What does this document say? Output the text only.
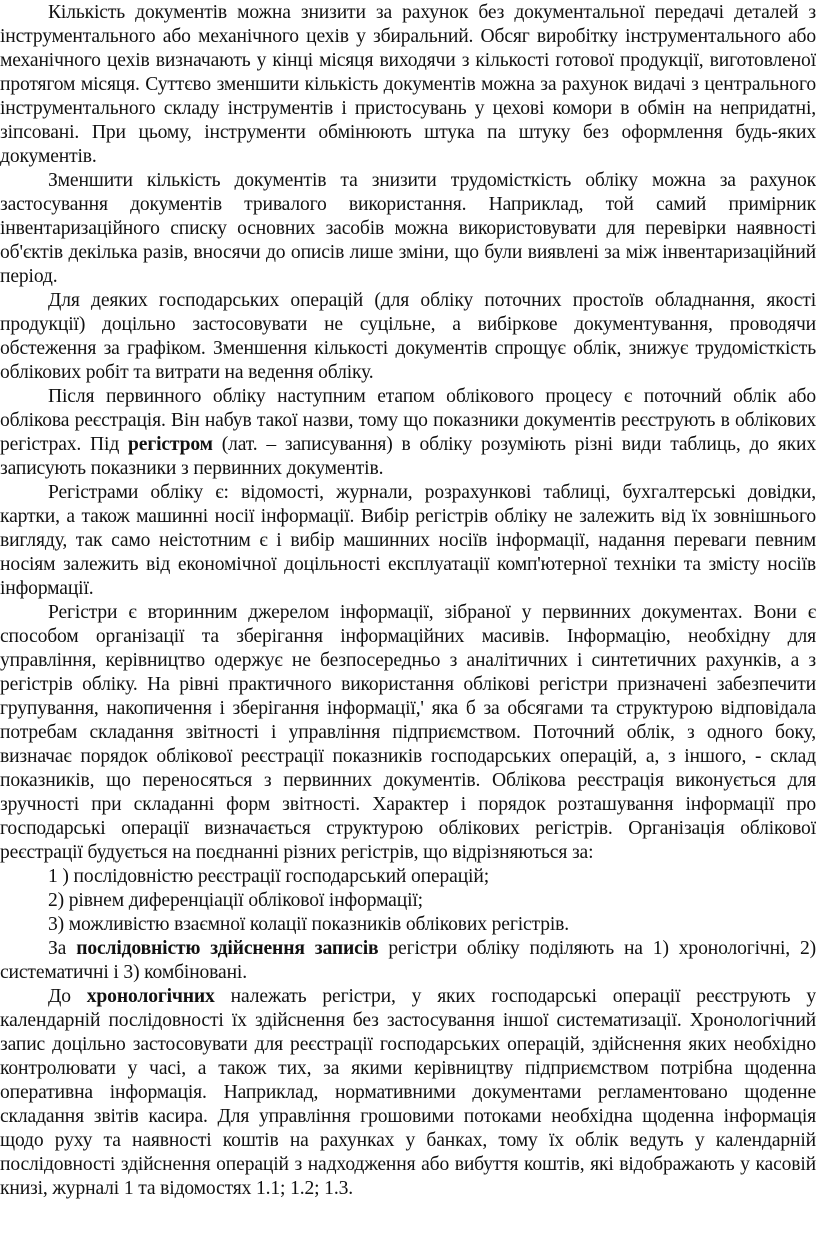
Кількість документів можна знизити за рахунок без документальної передачі деталей з інструментального або механічного цехів у збиральний. Обсяг виробітку інструментального або механічного цехів визначають у кінці місяця виходячи з кількості готової продукції, виготовленої протягом місяця. Суттєво зменшити кількість документів можна за рахунок видачі з центрального інструментального складу інструментів і пристосувань у цехові комори в обмін на непридатні, зіпсовані. При цьому, інструменти обмінюють штука па штуку без оформлення будь-яких документів.

Зменшити кількість документів та знизити трудомісткість обліку можна за рахунок застосування документів тривалого використання. Наприклад, той самий примірник інвентаризаційного списку основних засобів можна використовувати для перевірки наявності об'єктів декілька разів, вносячи до описів лише зміни, що були виявлені за між інвентаризаційний період.

Для деяких господарських операцій (для обліку поточних простоїв обладнання, якості продукції) доцільно застосовувати не суцільне, а вибіркове документування, проводячи обстеження за графіком. Зменшення кількості документів спрощує облік, знижує трудомісткість облікових робіт та витрати на ведення обліку.

Після первинного обліку наступним етапом облікового процесу є поточний облік або облікова реєстрація. Він набув такої назви, тому що показники документів реєструють в облікових регістрах. Під регістром (лат. – записування) в обліку розуміють різні види таблиць, до яких записують показники з первинних документів.

Регістрами обліку є: відомості, журнали, розрахункові таблиці, бухгалтерські довідки, картки, а також машинні носії інформації. Вибір регістрів обліку не залежить від їх зовнішнього вигляду, так само неістотним є і вибір машинних носіїв інформації, надання переваги певним носіям залежить від економічної доцільності експлуатації комп'ютерної техніки та змісту носіїв інформації.

Регістри є вторинним джерелом інформації, зібраної у первинних документах. Вони є способом організації та зберігання інформаційних масивів. Інформацію, необхідну для управління, керівництво одержує не безпосередньо з аналітичних і синтетичних рахунків, а з регістрів обліку. На рівні практичного використання облікові регістри призначені забезпечити групування, накопичення і зберігання інформації,' яка б за обсягами та структурою відповідала потребам складання звітності і управління підприємством. Поточний облік, з одного боку, визначає порядок облікової реєстрації показників господарських операцій, а, з іншого, - склад показників, що переносяться з первинних документів. Облікова реєстрація виконується для зручності при складанні форм звітності. Характер і порядок розташування інформації про господарські операції визначається структурою облікових регістрів. Організація облікової реєстрації будується на поєднанні різних регістрів, що відрізняються за:

1 ) послідовністю реєстрації господарський операцій;

2) рівнем диференціації облікової інформації;

3) можливістю взаємної колації показників облікових регістрів.

За послідовністю здійснення записів регістри обліку поділяють на 1) хронологічні, 2) систематичні і 3) комбіновані.

До хронологічних належать регістри, у яких господарські операції реєструють у календарній послідовності їх здійснення без застосування іншої систематизації. Хронологічний запис доцільно застосовувати для реєстрації господарських операцій, здійснення яких необхідно контролювати у часі, а також тих, за якими керівництву підприємством потрібна щоденна оперативна інформація. Наприклад, нормативними документами регламентовано щоденне складання звітів касира. Для управління грошовими потоками необхідна щоденна інформація щодо руху та наявності коштів на рахунках у банках, тому їх облік ведуть у календарній послідовності здійснення операцій з надходження або вибуття коштів, які відображають у касовій книзі, журналі 1 та відомостях 1.1; 1.2; 1.3.
